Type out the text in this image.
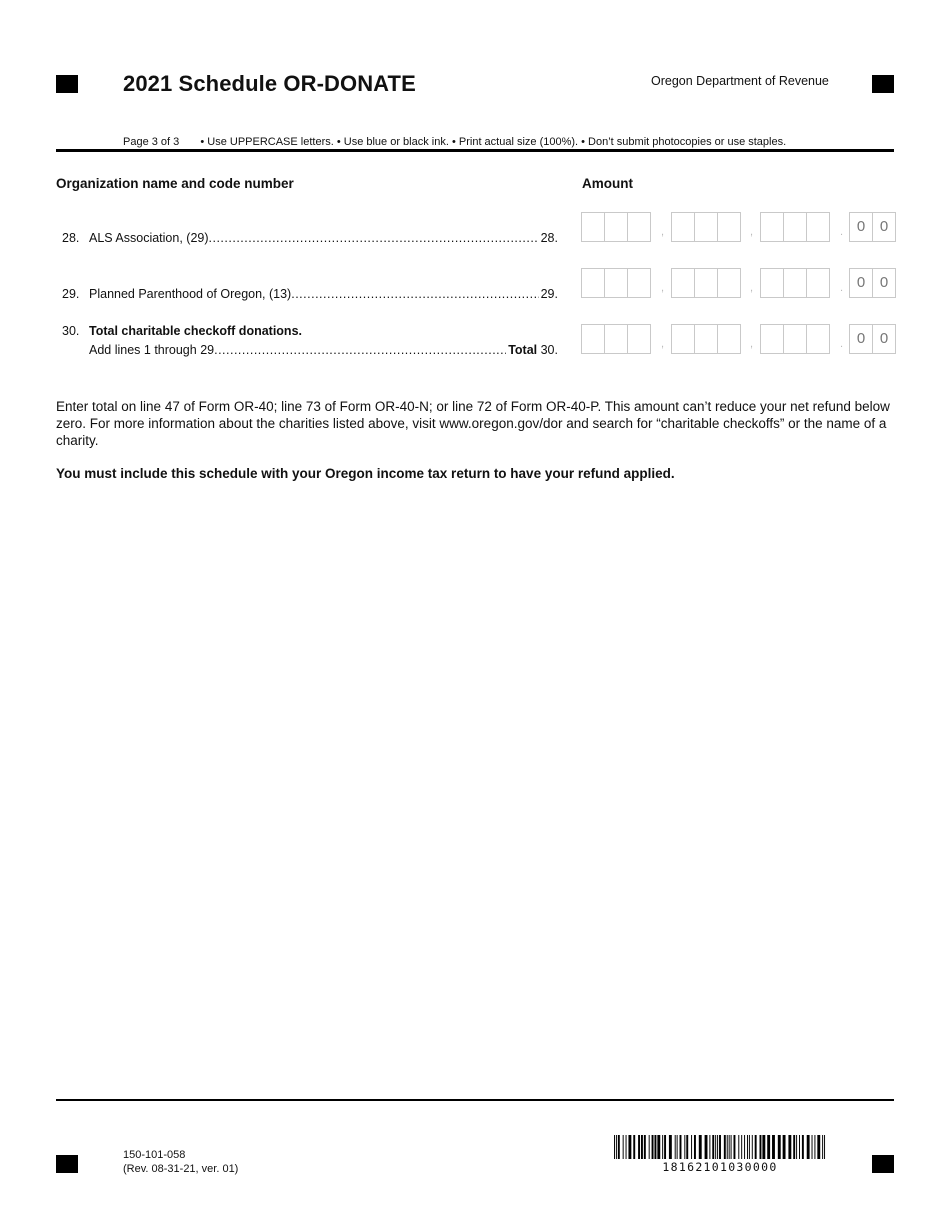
2021 Schedule OR-DONATE	Oregon Department of Revenue
Page 3 of 3 • Use UPPERCASE letters. • Use blue or black ink. • Print actual size (100%). • Don’t submit photocopies or use staples.
Organization name and code number	Amount
28. ALS Association, (29) .....	28.	,	,	. 0 0
29. Planned Parenthood of Oregon, (13) .....	29.	,	,	. 0 0
30. Total charitable checkoff donations.
Add lines 1 through 29 .....	Total 30.	,	,	. 0 0
Enter total on line 47 of Form OR-40; line 73 of Form OR-40-N; or line 72 of Form OR-40-P. This amount can’t reduce your net refund below zero. For more information about the charities listed above, visit www.oregon.gov/dor and search for “charitable checkoffs” or the name of a charity.
You must include this schedule with your Oregon income tax return to have your refund applied.
150-101-058
(Rev. 08-31-21, ver. 01)	18162101030000
